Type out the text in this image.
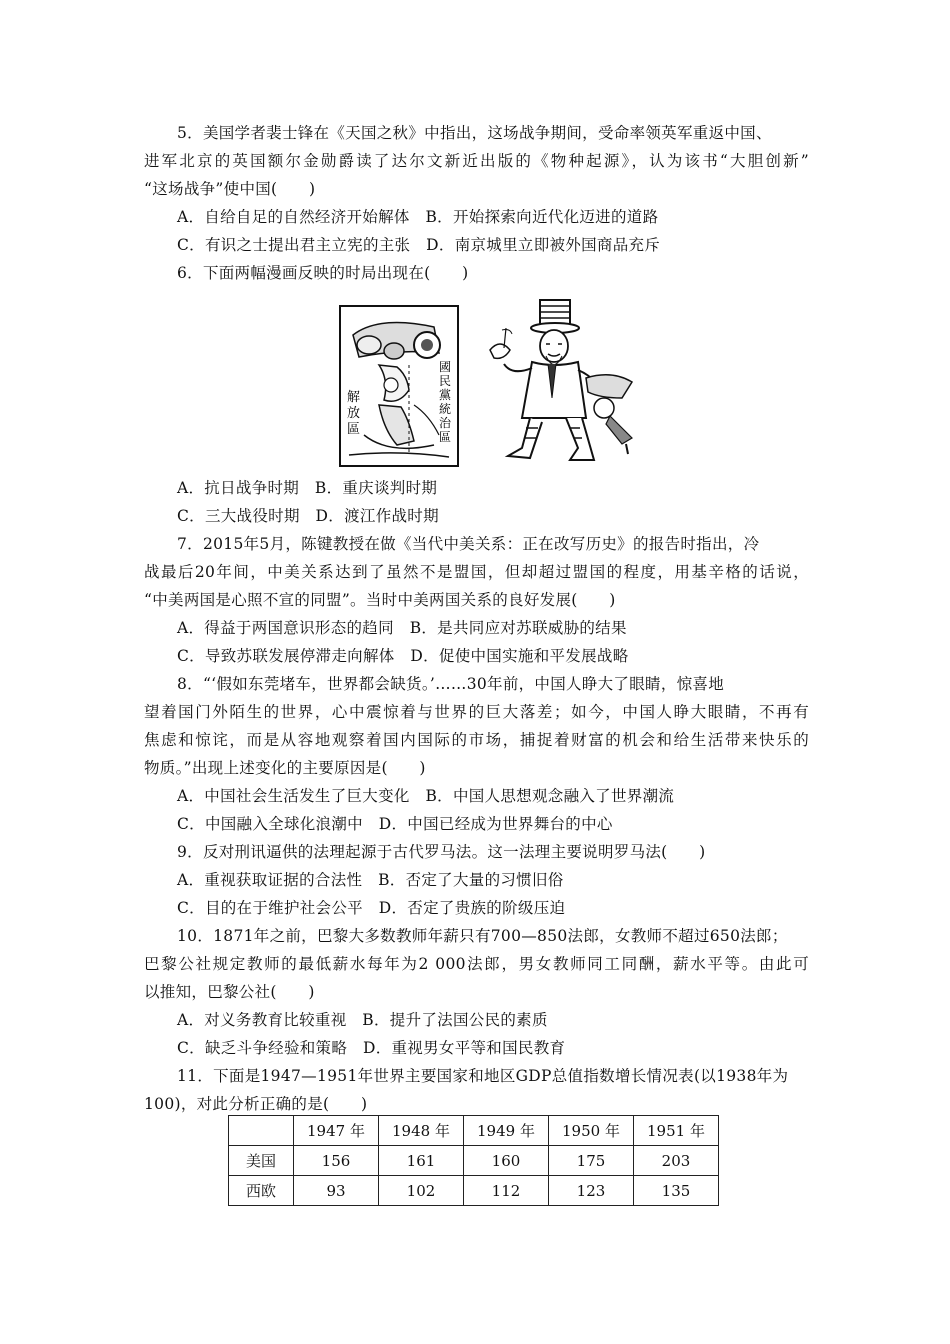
5．美国学者裴士锋在《天国之秋》中指出，这场战争期间，受命率领英军重返中国、
进军北京的英国额尔金勋爵读了达尔文新近出版的《物种起源》，认为该书“大胆创新”
“这场战争”使中国(　　)
A．自给自足的自然经济开始解体　B．开始探索向近代化迈进的道路
C．有识之士提出君主立宪的主张　D．南京城里立即被外国商品充斥
6．下面两幅漫画反映的时局出现在(　　)
解
放
區
國
民
黨
統
治
區
A．抗日战争时期　B．重庆谈判时期
C．三大战役时期　D．渡江作战时期
7．2015年5月，陈键教授在做《当代中美关系：正在改写历史》的报告时指出，冷
战最后20年间，中美关系达到了虽然不是盟国，但却超过盟国的程度，用基辛格的话说，
“中美两国是心照不宣的同盟”。当时中美两国关系的良好发展(　　)
A．得益于两国意识形态的趋同　B．是共同应对苏联威胁的结果
C．导致苏联发展停滞走向解体　D．促使中国实施和平发展战略
8．“‘假如东莞堵车，世界都会缺货。’……30年前，中国人睁大了眼睛，惊喜地
望着国门外陌生的世界，心中震惊着与世界的巨大落差；如今，中国人睁大眼睛，不再有
焦虑和惊诧，而是从容地观察着国内国际的市场，捕捉着财富的机会和给生活带来快乐的
物质。”出现上述变化的主要原因是(　　)
A．中国社会生活发生了巨大变化　B．中国人思想观念融入了世界潮流
C．中国融入全球化浪潮中　D．中国已经成为世界舞台的中心
9．反对刑讯逼供的法理起源于古代罗马法。这一法理主要说明罗马法(　　)
A．重视获取证据的合法性　B．否定了大量的习惯旧俗
C．目的在于维护社会公平　D．否定了贵族的阶级压迫
10．1871年之前，巴黎大多数教师年薪只有700—850法郎，女教师不超过650法郎；
巴黎公社规定教师的最低薪水每年为2 000法郎，男女教师同工同酬，薪水平等。由此可
以推知，巴黎公社(　　)
A．对义务教育比较重视　B．提升了法国公民的素质
C．缺乏斗争经验和策略　D．重视男女平等和国民教育
11．下面是1947—1951年世界主要国家和地区GDP总值指数增长情况表(以1938年为
100)，对此分析正确的是(　　)
	1947 年	1948 年	1949 年	1950 年	1951 年
美国	156	161	160	175	203
西欧	93	102	112	123	135
